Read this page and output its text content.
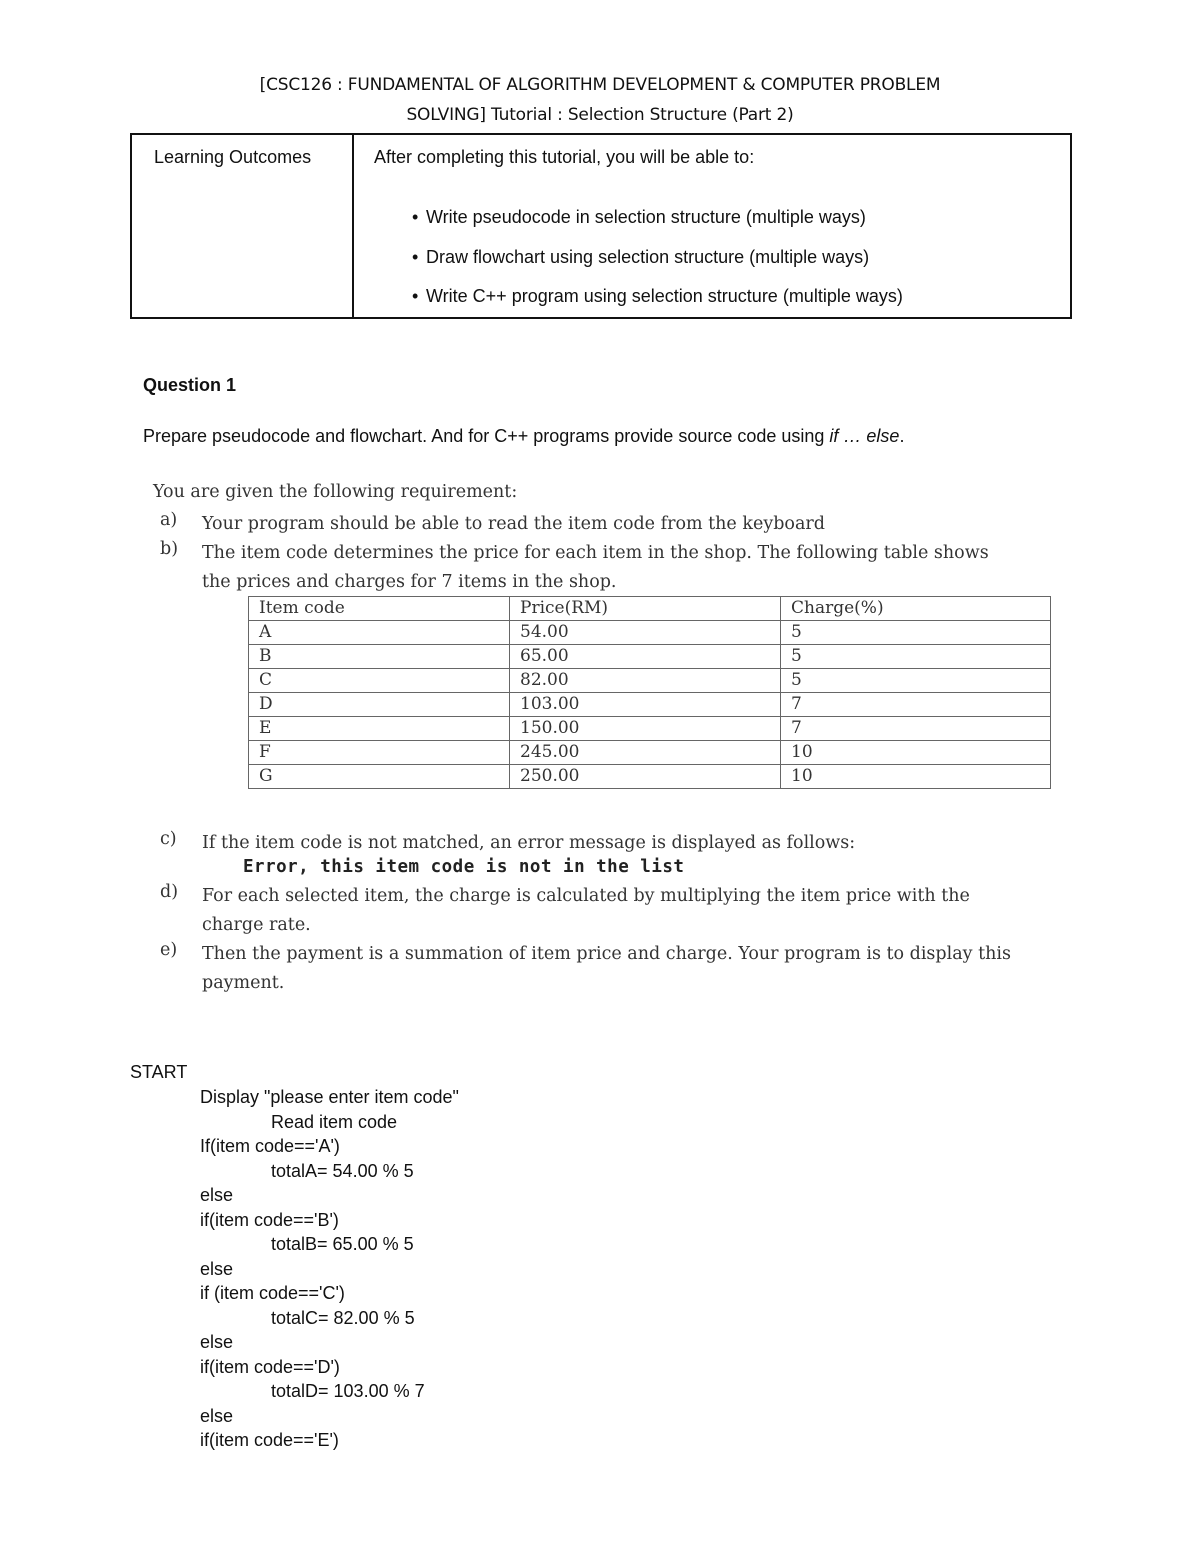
[CSC126 : FUNDAMENTAL OF ALGORITHM DEVELOPMENT & COMPUTER PROBLEM
SOLVING] Tutorial : Selection Structure (Part 2)
Learning Outcomes	After completing this tutorial, you will be able to:
• Write pseudocode in selection structure (multiple ways)
• Draw flowchart using selection structure (multiple ways)
• Write C++ program using selection structure (multiple ways)
Question 1
Prepare pseudocode and flowchart. And for C++ programs provide source code using if … else.
You are given the following requirement:
a)	Your program should be able to read the item code from the keyboard
b)	The item code determines the price for each item in the shop. The following table shows the prices and charges for 7 items in the shop.
Item code	Price(RM)	Charge(%)
A	54.00	5
B	65.00	5
C	82.00	5
D	103.00	7
E	150.00	7
F	245.00	10
G	250.00	10
c)	If the item code is not matched, an error message is displayed as follows:
Error, this item code is not in the list
d)	For each selected item, the charge is calculated by multiplying the item price with the charge rate.
e)	Then the payment is a summation of item price and charge. Your program is to display this payment.
START
Display "please enter item code"
Read item code
If(item code=='A')
totalA= 54.00 % 5
else
if(item code=='B')
totalB= 65.00 % 5
else
if (item code=='C')
totalC= 82.00 % 5
else
if(item code=='D')
totalD= 103.00 % 7
else
if(item code=='E')
